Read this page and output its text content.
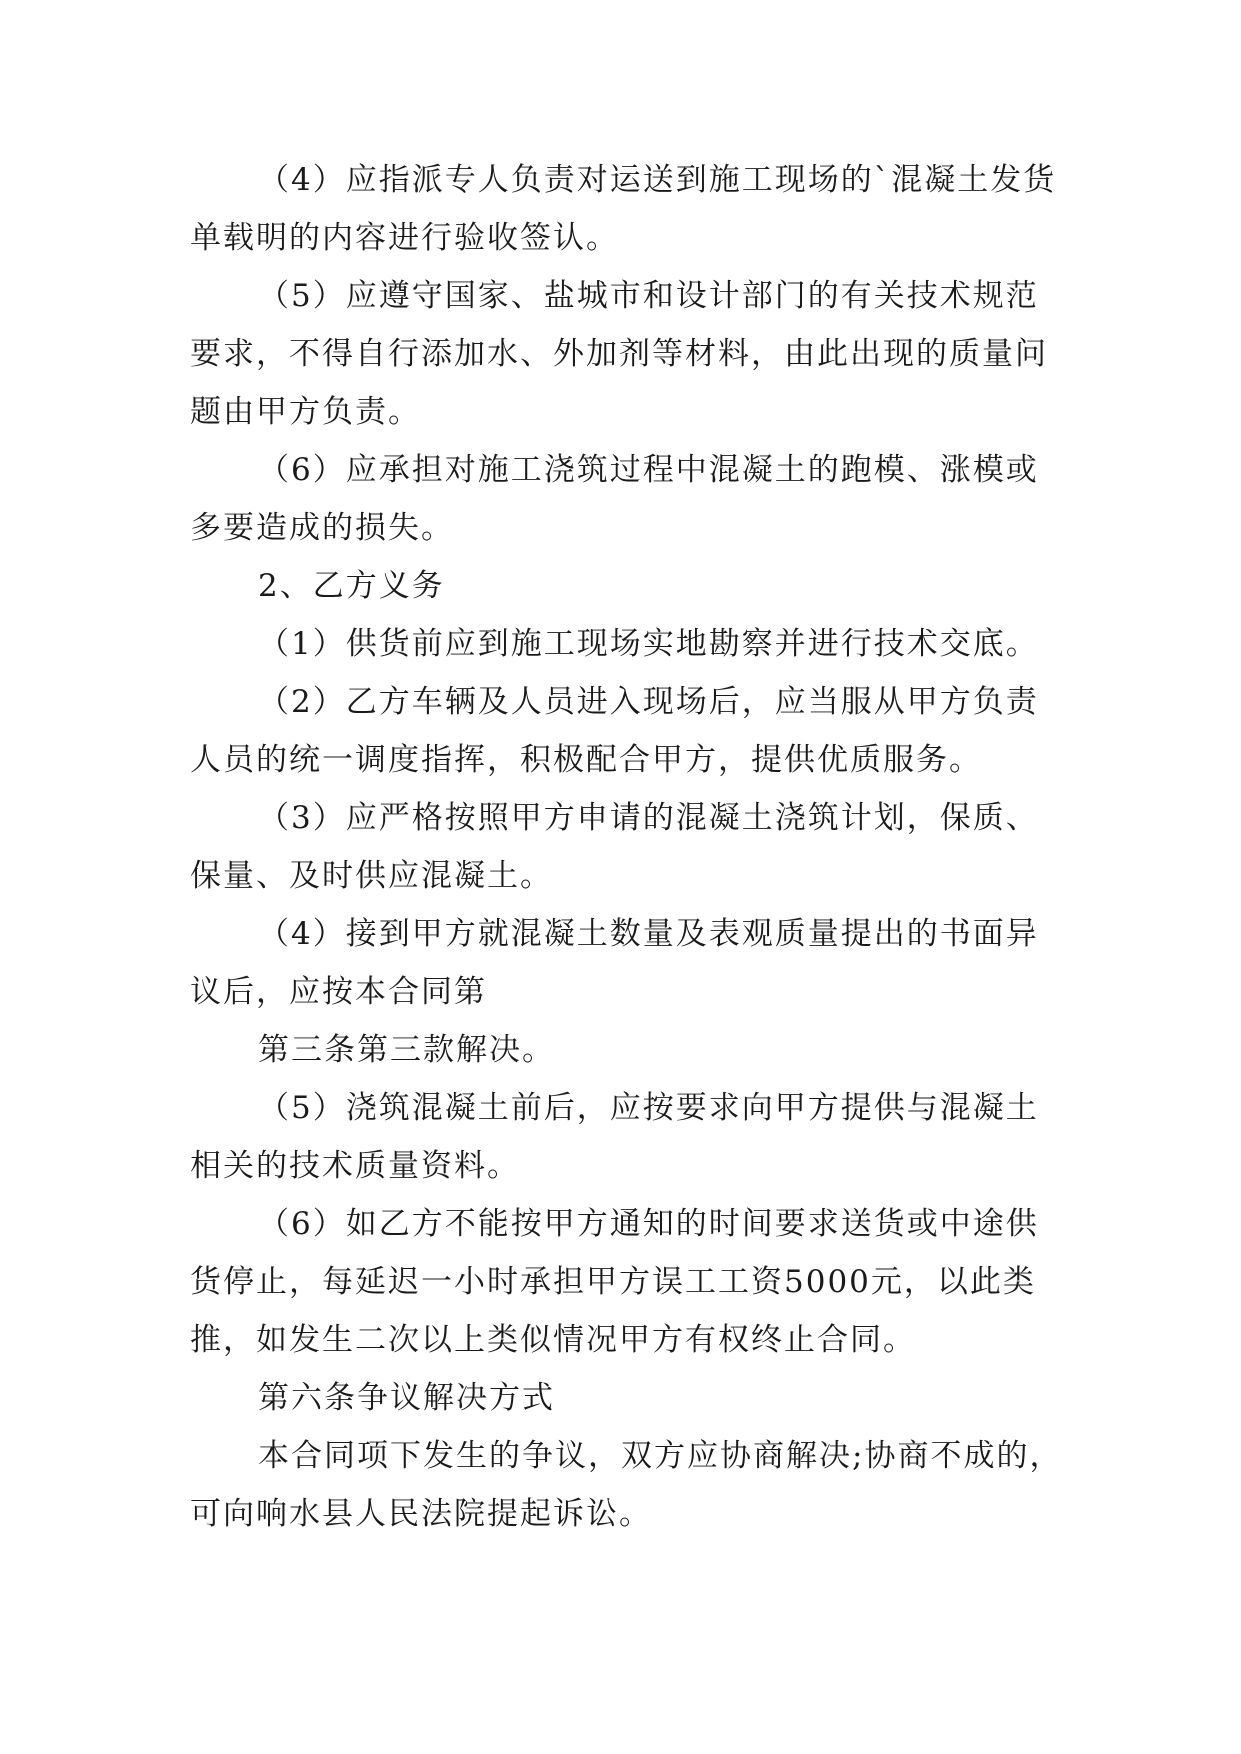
（4）应指派专人负责对运送到施工现场的`混凝土发货
单载明的内容进行验收签认。
（5）应遵守国家、盐城市和设计部门的有关技术规范
要求，不得自行添加水、外加剂等材料，由此出现的质量问
题由甲方负责。
（6）应承担对施工浇筑过程中混凝土的跑模、涨模或
多要造成的损失。
2、乙方义务
（1）供货前应到施工现场实地勘察并进行技术交底。
（2）乙方车辆及人员进入现场后，应当服从甲方负责
人员的统一调度指挥，积极配合甲方，提供优质服务。
（3）应严格按照甲方申请的混凝土浇筑计划，保质、
保量、及时供应混凝土。
（4）接到甲方就混凝土数量及表观质量提出的书面异
议后，应按本合同第
第三条第三款解决。
（5）浇筑混凝土前后，应按要求向甲方提供与混凝土
相关的技术质量资料。
（6）如乙方不能按甲方通知的时间要求送货或中途供
货停止，每延迟一小时承担甲方误工工资5000元，以此类
推，如发生二次以上类似情况甲方有权终止合同。
第六条争议解决方式
本合同项下发生的争议，双方应协商解决;协商不成的，
可向响水县人民法院提起诉讼。
